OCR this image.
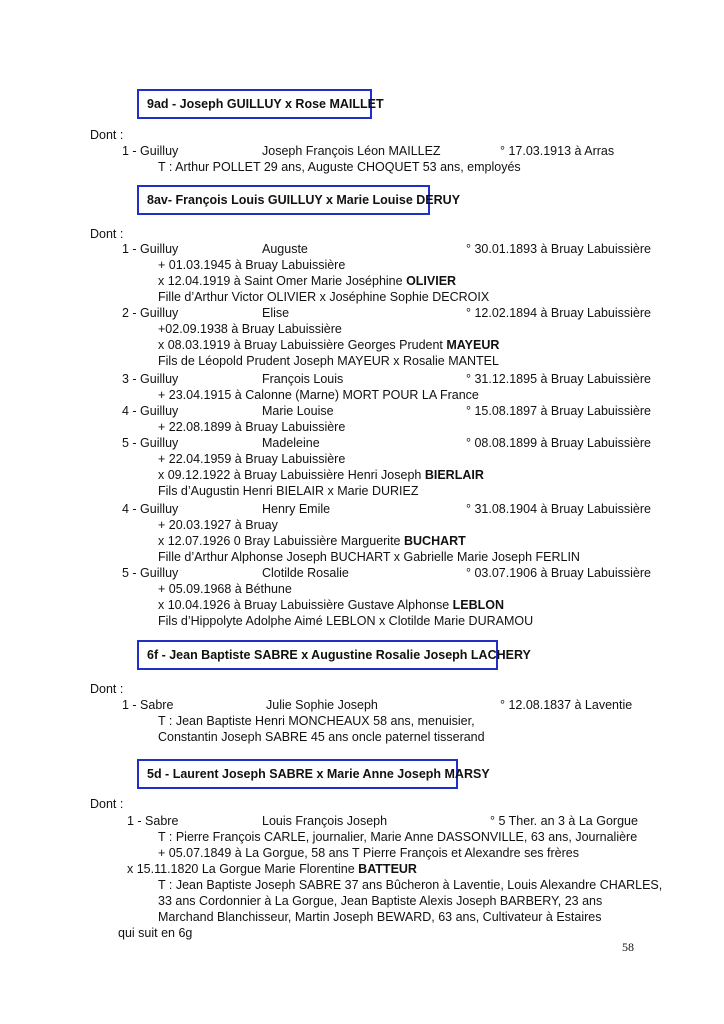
9ad - Joseph GUILLUY x Rose MAILLET
Dont :
1 - Guilluy	Joseph François Léon MAILLEZ	° 17.03.1913 à Arras
T : Arthur POLLET 29 ans, Auguste CHOQUET 53 ans, employés
8av- François Louis GUILLUY x Marie Louise DERUY
Dont :
1 - Guilluy	Auguste	° 30.01.1893 à Bruay Labuissière
+ 01.03.1945 à Bruay Labuissière
x 12.04.1919 à Saint Omer Marie Joséphine OLIVIER
Fille d’Arthur Victor OLIVIER x Joséphine Sophie DECROIX
2 - Guilluy	Elise	° 12.02.1894 à Bruay Labuissière
+02.09.1938 à Bruay Labuissière
x 08.03.1919 à Bruay Labuissière Georges Prudent MAYEUR
Fils de Léopold Prudent Joseph MAYEUR x Rosalie MANTEL
3 - Guilluy	François Louis	° 31.12.1895 à Bruay Labuissière
+ 23.04.1915 à Calonne (Marne) MORT POUR LA France
4 - Guilluy	Marie Louise	° 15.08.1897 à Bruay Labuissière
+ 22.08.1899 à Bruay Labuissière
5 - Guilluy	Madeleine	° 08.08.1899 à Bruay Labuissière
+ 22.04.1959 à Bruay Labuissière
x 09.12.1922 à Bruay Labuissière Henri Joseph BIERLAIR
Fils d’Augustin Henri BIELAIR x Marie DURIEZ
4 - Guilluy	Henry Emile	° 31.08.1904 à Bruay Labuissière
+ 20.03.1927 à Bruay
x 12.07.1926 0 Bray Labuissière Marguerite BUCHART
Fille d’Arthur Alphonse Joseph BUCHART x Gabrielle Marie Joseph FERLIN
5 - Guilluy	Clotilde Rosalie	° 03.07.1906 à Bruay Labuissière
+ 05.09.1968 à Béthune
x 10.04.1926 à Bruay Labuissière Gustave Alphonse LEBLON
Fils d’Hippolyte Adolphe Aimé LEBLON x Clotilde Marie DURAMOU
6f - Jean Baptiste SABRE x Augustine Rosalie Joseph LACHERY
Dont :
1 - Sabre	Julie Sophie Joseph	° 12.08.1837 à Laventie
T : Jean Baptiste Henri MONCHEAUX 58 ans, menuisier,
Constantin Joseph SABRE 45 ans oncle paternel tisserand
5d - Laurent Joseph SABRE x Marie Anne Joseph MARSY
Dont :
1 - Sabre	Louis François Joseph	° 5 Ther. an 3 à La Gorgue
T : Pierre François CARLE, journalier, Marie Anne DASSONVILLE, 63 ans, Journalière
+ 05.07.1849 à La Gorgue, 58 ans T Pierre François et Alexandre ses frères
x 15.11.1820 La Gorgue Marie Florentine BATTEUR
T : Jean Baptiste Joseph SABRE 37 ans Bûcheron à Laventie, Louis Alexandre CHARLES,
33 ans Cordonnier à La Gorgue, Jean Baptiste Alexis Joseph BARBERY, 23 ans
Marchand Blanchisseur, Martin Joseph BEWARD, 63 ans, Cultivateur à Estaires
qui suit en 6g
58
